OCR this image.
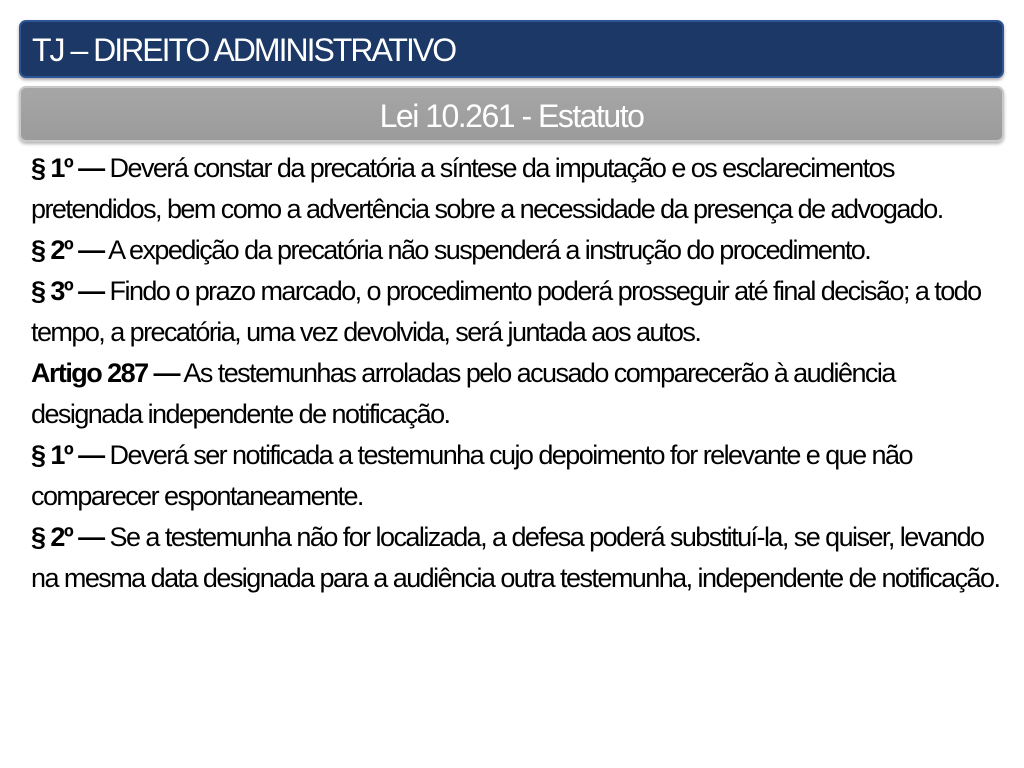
TJ – DIREITO ADMINISTRATIVO
Lei 10.261 - Estatuto

§ 1º — Deverá constar da precatória a síntese da imputação e os esclarecimentos pretendidos, bem como a advertência sobre a necessidade da presença de advogado.

§ 2º — A expedição da precatória não suspenderá a instrução do procedimento.

§ 3º — Findo o prazo marcado, o procedimento poderá prosseguir até final decisão; a todo tempo, a precatória, uma vez devolvida, será juntada aos autos.

Artigo 287 — As testemunhas arroladas pelo acusado comparecerão à audiência designada independente de notificação.

§ 1º — Deverá ser notificada a testemunha cujo depoimento for relevante e que não comparecer espontaneamente.

§ 2º — Se a testemunha não for localizada, a defesa poderá substituí-la, se quiser, levando na mesma data designada para a audiência outra testemunha, independente de notificação.
